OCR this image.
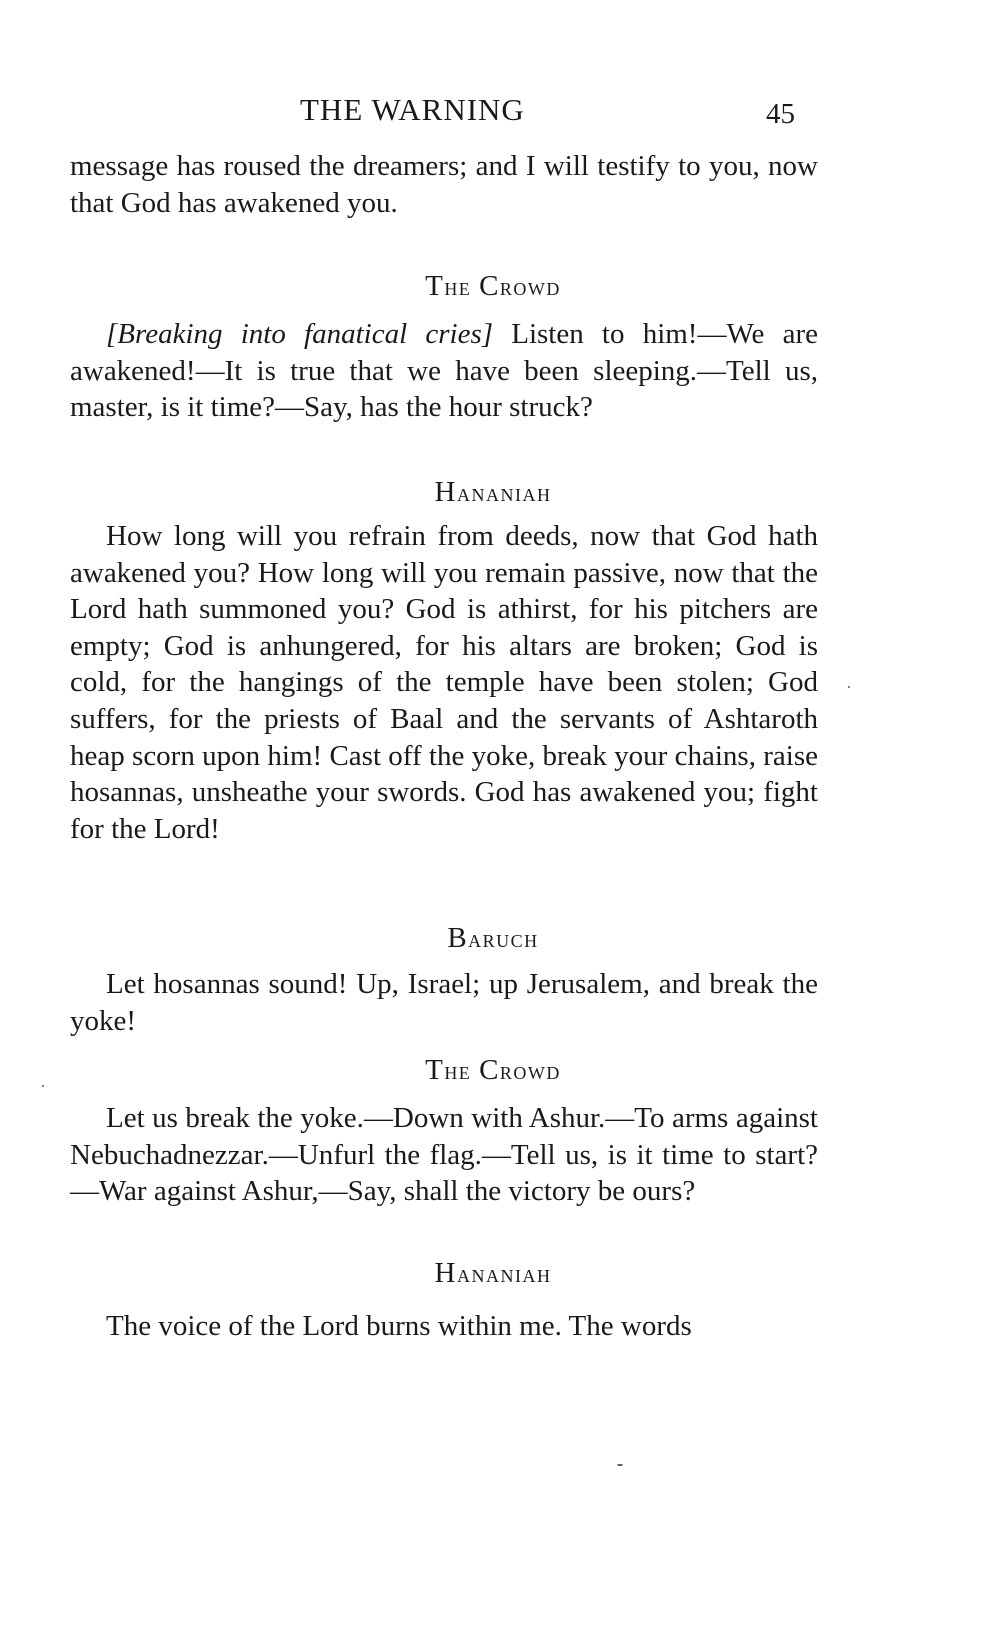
THE WARNING	45

message has roused the dreamers; and I will testify to you, now that God has awakened you.

The Crowd

[Breaking into fanatical cries] Listen to him!—We are awakened!—It is true that we have been sleeping.—Tell us, master, is it time?—Say, has the hour struck?

Hananiah

How long will you refrain from deeds, now that God hath awakened you? How long will you remain passive, now that the Lord hath summoned you? God is athirst, for his pitchers are empty; God is anhungered, for his altars are broken; God is cold, for the hangings of the temple have been stolen; God suffers, for the priests of Baal and the servants of Ashtaroth heap scorn upon him! Cast off the yoke, break your chains, raise hosannas, unsheathe your swords. God has awakened you; fight for the Lord!

Baruch

Let hosannas sound! Up, Israel; up Jerusalem, and break the yoke!

The Crowd

Let us break the yoke.—Down with Ashur.—To arms against Nebuchadnezzar.—Unfurl the flag.—Tell us, is it time to start?—War against Ashur,—Say, shall the victory be ours?

Hananiah

The voice of the Lord burns within me. The words
